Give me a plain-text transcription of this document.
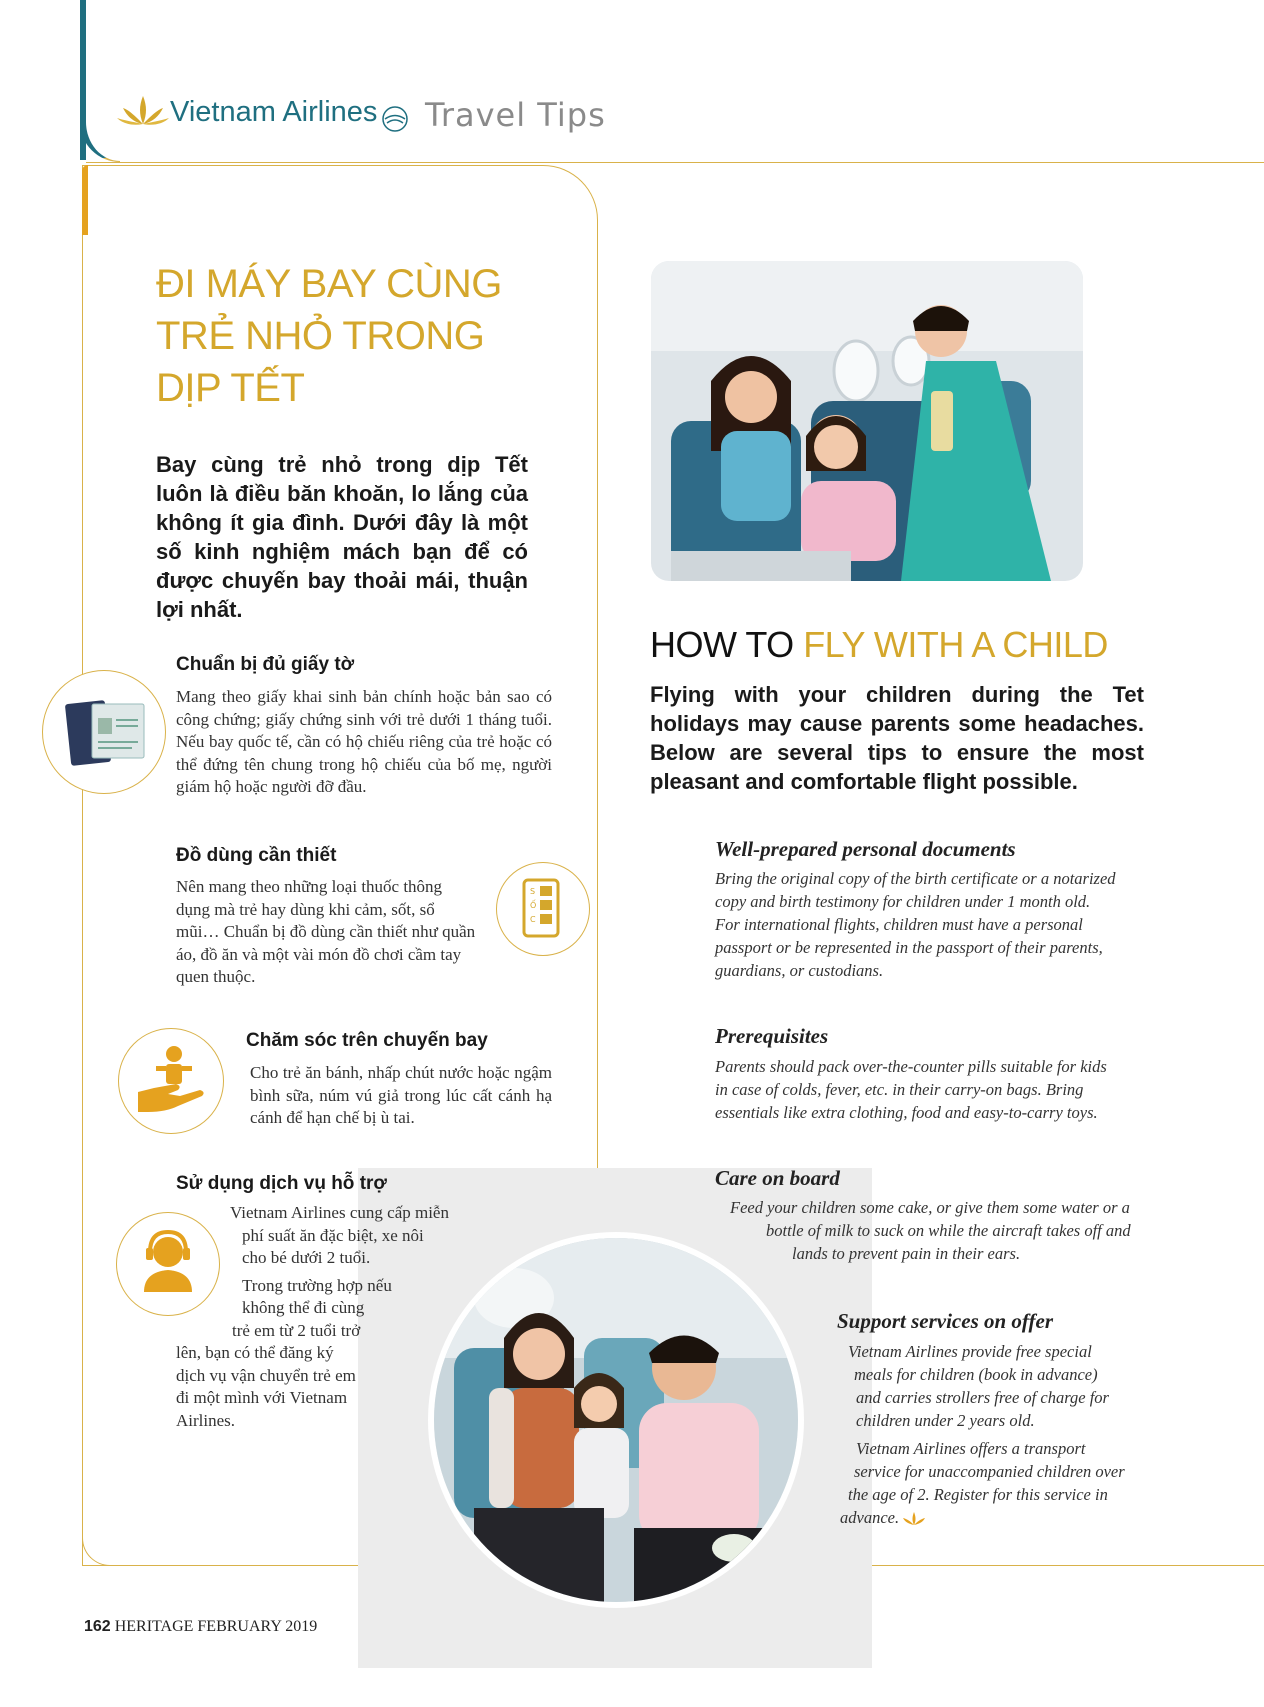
Vietnam Airlines Travel Tips
ĐI MÁY BAY CÙNG
TRẺ NHỎ TRONG
DỊP TẾT
Bay cùng trẻ nhỏ trong dịp Tết luôn là điều băn khoăn, lo lắng của không ít gia đình. Dưới đây là một số kinh nghiệm mách bạn để có được chuyến bay thoải mái, thuận lợi nhất.
Chuẩn bị đủ giấy tờ
Mang theo giấy khai sinh bản chính hoặc bản sao có công chứng; giấy chứng sinh với trẻ dưới 1 tháng tuổi. Nếu bay quốc tế, cần có hộ chiếu riêng của trẻ hoặc có thể đứng tên chung trong hộ chiếu của bố mẹ, người giám hộ hoặc người đỡ đầu.
Đồ dùng cần thiết
Nên mang theo những loại thuốc thông dụng mà trẻ hay dùng khi cảm, sốt, sổ mũi… Chuẩn bị đồ dùng cần thiết như quần áo, đồ ăn và một vài món đồ chơi cầm tay quen thuộc.
S
Ố
C
Chăm sóc trên chuyến bay
Cho trẻ ăn bánh, nhấp chút nước hoặc ngậm bình sữa, núm vú giả trong lúc cất cánh hạ cánh để hạn chế bị ù tai.
Sử dụng dịch vụ hỗ trợ
Vietnam Airlines cung cấp miễn
phí suất ăn đặc biệt, xe nôi
cho bé dưới 2 tuổi.
Trong trường hợp nếu
không thể đi cùng
trẻ em từ 2 tuổi trở
lên, bạn có thể đăng ký
dịch vụ vận chuyển trẻ em
đi một mình với Vietnam
Airlines.
HOW TO FLY WITH A CHILD
Flying with your children during the Tet holidays may cause parents some headaches. Below are several tips to ensure the most pleasant and comfortable flight possible.
Well-prepared personal documents
Bring the original copy of the birth certificate or a notarized
copy and birth testimony for children under 1 month old.
For international flights, children must have a personal
passport or be represented in the passport of their parents,
guardians, or custodians.
Prerequisites
Parents should pack over-the-counter pills suitable for kids
in case of colds, fever, etc. in their carry-on bags. Bring
essentials like extra clothing, food and easy-to-carry toys.
Care on board
Feed your children some cake, or give them some water or a
bottle of milk to suck on while the aircraft takes off and
lands to prevent pain in their ears.
Support services on offer
Vietnam Airlines provide free special
meals for children (book in advance)
and carries strollers free of charge for
children under 2 years old.
Vietnam Airlines offers a transport
service for unaccompanied children over
the age of 2. Register for this service in
advance.
162 HERITAGE FEBRUARY 2019
